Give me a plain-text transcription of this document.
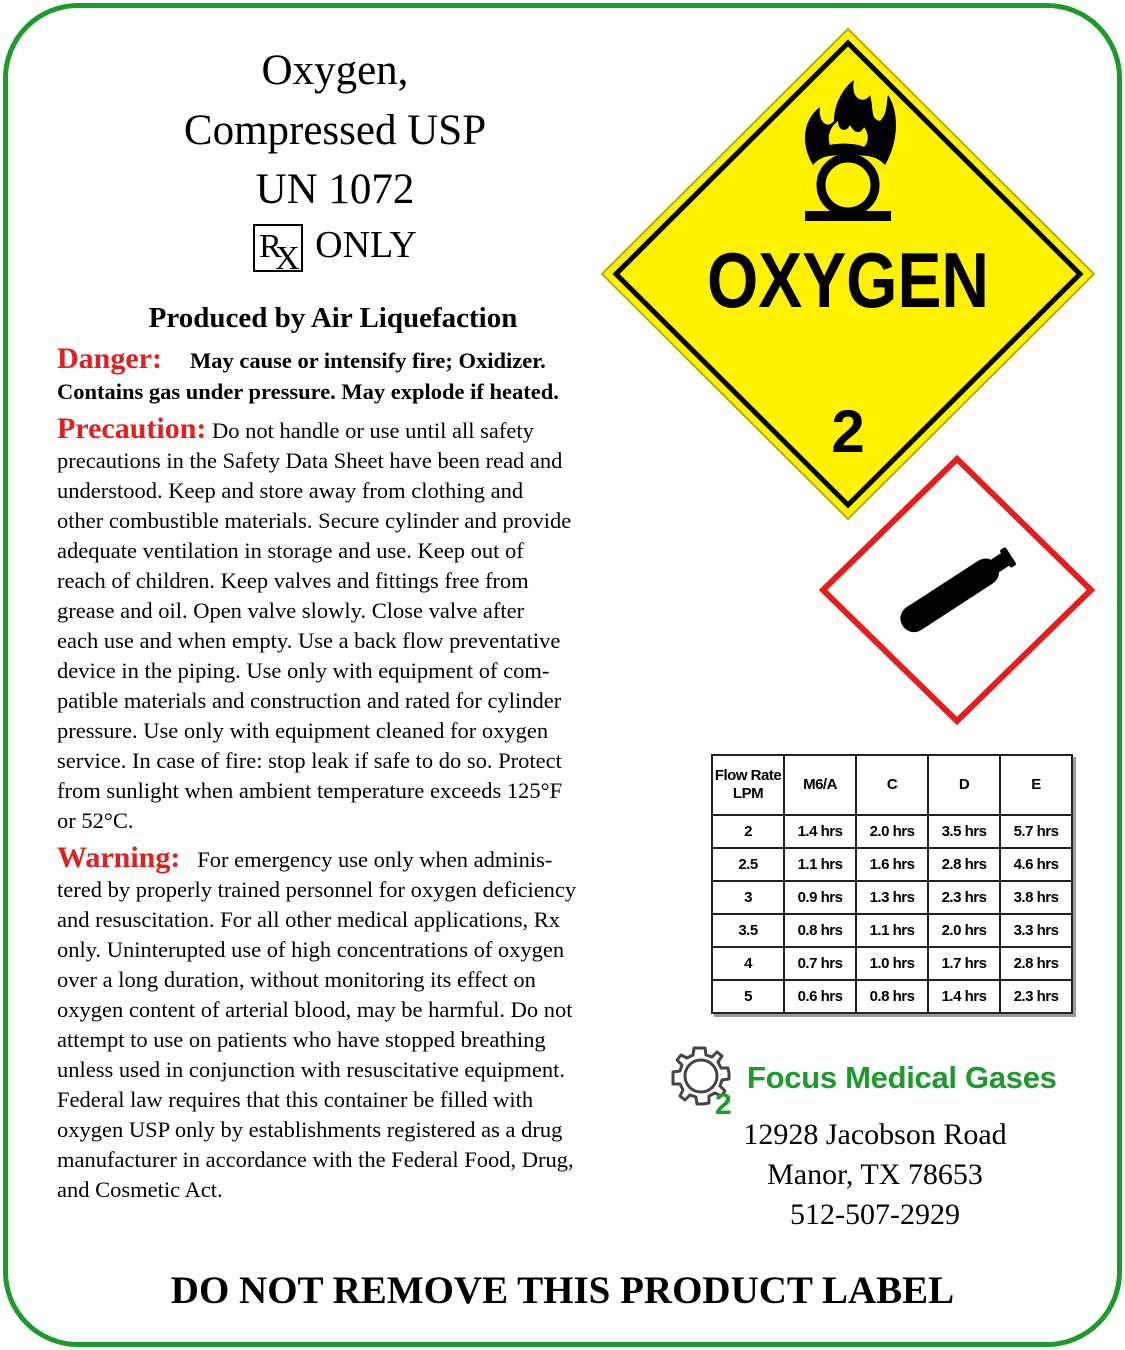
Oxygen,
Compressed USP
UN 1072
R
X ONLY
Produced by Air Liquefaction
Danger: May cause or intensify fire; Oxidizer.
Contains gas under pressure. May explode if heated.
Precaution: Do not handle or use until all safety
precautions in the Safety Data Sheet have been read and
understood. Keep and store away from clothing and
other combustible materials. Secure cylinder and provide
adequate ventilation in storage and use. Keep out of
reach of children. Keep valves and fittings free from
grease and oil. Open valve slowly. Close valve after
each use and when empty. Use a back flow preventative
device in the piping. Use only with equipment of com-
patible materials and construction and rated for cylinder
pressure. Use only with equipment cleaned for oxygen
service. In case of fire: stop leak if safe to do so. Protect
from sunlight when ambient temperature exceeds 125°F
or 52°C.
Warning: For emergency use only when adminis-
tered by properly trained personnel for oxygen deficiency
and resuscitation. For all other medical applications, Rx
only. Uninterupted use of high concentrations of oxygen
over a long duration, without monitoring its effect on
oxygen content of arterial blood, may be harmful. Do not
attempt to use on patients who have stopped breathing
unless used in conjunction with resuscitative equipment.
Federal law requires that this container be filled with
oxygen USP only by establishments registered as a drug
manufacturer in accordance with the Federal Food, Drug,
and Cosmetic Act.
OXYGEN
2
Flow Rate
LPM	M6/A	C	D	E
2	1.4 hrs	2.0 hrs	3.5 hrs	5.7 hrs
2.5	1.1 hrs	1.6 hrs	2.8 hrs	4.6 hrs
3	0.9 hrs	1.3 hrs	2.3 hrs	3.8 hrs
3.5	0.8 hrs	1.1 hrs	2.0 hrs	3.3 hrs
4	0.7 hrs	1.0 hrs	1.7 hrs	2.8 hrs
5	0.6 hrs	0.8 hrs	1.4 hrs	2.3 hrs
2
Focus Medical Gases
12928 Jacobson Road
Manor, TX 78653
512-507-2929
DO NOT REMOVE THIS PRODUCT LABEL
